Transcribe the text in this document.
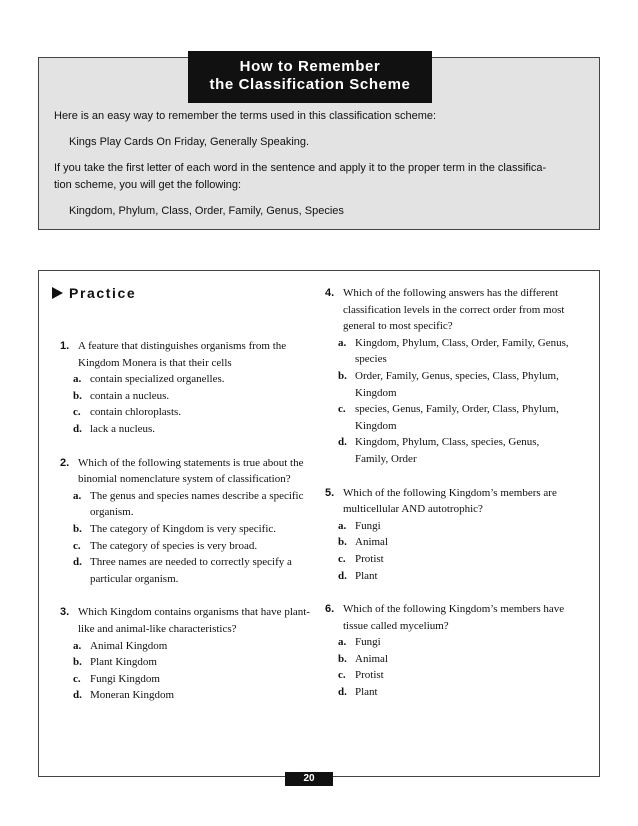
How to Remember
the Classification Scheme
Here is an easy way to remember the terms used in this classification scheme:
Kings Play Cards On Friday, Generally Speaking.
If you take the first letter of each word in the sentence and apply it to the proper term in the classifica-
tion scheme, you will get the following:
Kingdom, Phylum, Class, Order, Family, Genus, Species
Practice
1. A feature that distinguishes organisms from the Kingdom Monera is that their cells
a. contain specialized organelles.
b. contain a nucleus.
c. contain chloroplasts.
d. lack a nucleus.
2. Which of the following statements is true about the binomial nomenclature system of classification?
a. The genus and species names describe a specific organism.
b. The category of Kingdom is very specific.
c. The category of species is very broad.
d. Three names are needed to correctly specify a particular organism.
3. Which Kingdom contains organisms that have plant-like and animal-like characteristics?
a. Animal Kingdom
b. Plant Kingdom
c. Fungi Kingdom
d. Moneran Kingdom
4. Which of the following answers has the different classification levels in the correct order from most general to most specific?
a. Kingdom, Phylum, Class, Order, Family, Genus, species
b. Order, Family, Genus, species, Class, Phylum, Kingdom
c. species, Genus, Family, Order, Class, Phylum, Kingdom
d. Kingdom, Phylum, Class, species, Genus, Family, Order
5. Which of the following Kingdom’s members are multicellular AND autotrophic?
a. Fungi
b. Animal
c. Protist
d. Plant
6. Which of the following Kingdom’s members have tissue called mycelium?
a. Fungi
b. Animal
c. Protist
d. Plant
20
